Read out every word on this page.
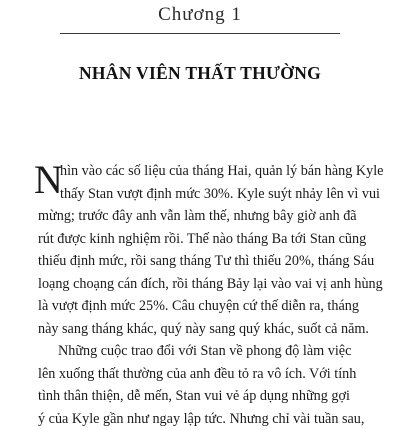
Chương 1
NHÂN VIÊN THẤT THƯỜNG
N
hìn vào các số liệu của tháng Hai, quản lý bán hàng Kyle
thấy Stan vượt định mức 30%. Kyle suýt nhảy lên vì vui
mừng; trước đây anh vẫn làm thế, nhưng bây giờ anh đã
rút được kinh nghiệm rồi. Thế nào tháng Ba tới Stan cũng
thiếu định mức, rồi sang tháng Tư thì thiếu 20%, tháng Sáu
loạng choạng cán đích, rồi tháng Bảy lại vào vai vị anh hùng
là vượt định mức 25%. Câu chuyện cứ thế diễn ra, tháng
này sang tháng khác, quý này sang quý khác, suốt cả năm.
Những cuộc trao đổi với Stan về phong độ làm việc
lên xuống thất thường của anh đều tỏ ra vô ích. Với tính
tình thân thiện, dễ mến, Stan vui vẻ áp dụng những gợi
ý của Kyle gần như ngay lập tức. Nhưng chỉ vài tuần sau,
